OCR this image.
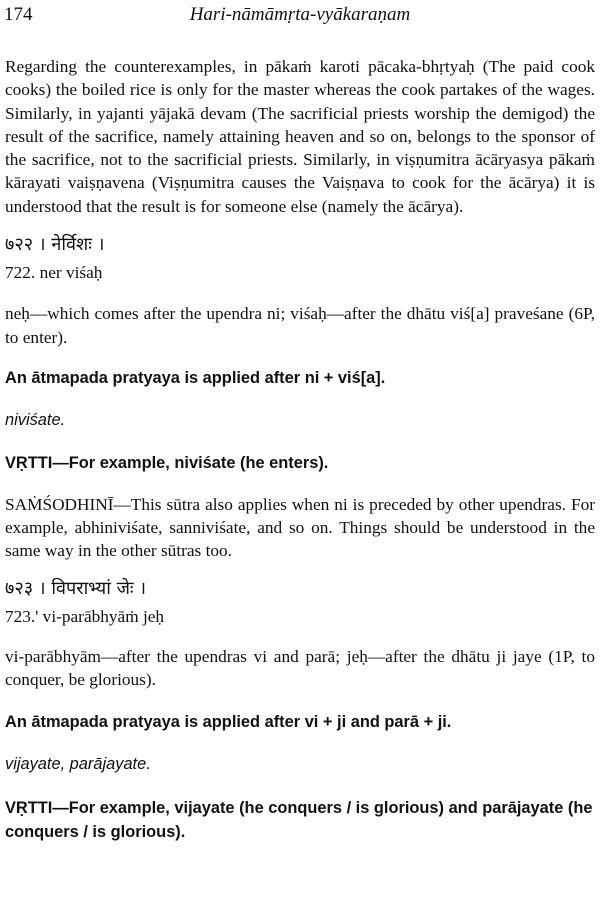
174	Hari-nāmāmṛta-vyākaraṇam

Regarding the counterexamples, in pākaṁ karoti pācaka-bhṛtyaḥ (The paid cook cooks) the boiled rice is only for the master whereas the cook partakes of the wages. Similarly, in yajanti yājakā devam (The sacrificial priests worship the demigod) the result of the sacrifice, namely attaining heaven and so on, belongs to the sponsor of the sacrifice, not to the sacrificial priests. Similarly, in viṣṇumitra ācāryasya pākaṁ kārayati vaiṣṇavena (Viṣṇumitra causes the Vaiṣṇava to cook for the ācārya) it is understood that the result is for someone else (namely the ācārya).

७२२ । नेर्विशः ।

722. ner viśaḥ

neḥ—which comes after the upendra ni; viśaḥ—after the dhātu viś[a] praveśane (6P, to enter).

An ātmapada pratyaya is applied after ni + viś[a].

niviśate.

VṚTTI—For example, niviśate (he enters).

SAṀŚODHINĪ—This sūtra also applies when ni is preceded by other upendras. For example, abhiniviśate, sanniviśate, and so on. Things should be understood in the same way in the other sūtras too.

७२३ । विपराभ्यां जेः ।

723.' vi-parābhyāṁ jeḥ

vi-parābhyām—after the upendras vi and parā; jeḥ—after the dhātu ji jaye (1P, to conquer, be glorious).

An ātmapada pratyaya is applied after vi + ji and parā + ji.

vijayate, parājayate.

VṚTTI—For example, vijayate (he conquers / is glorious) and parājayate (he conquers / is glorious).
